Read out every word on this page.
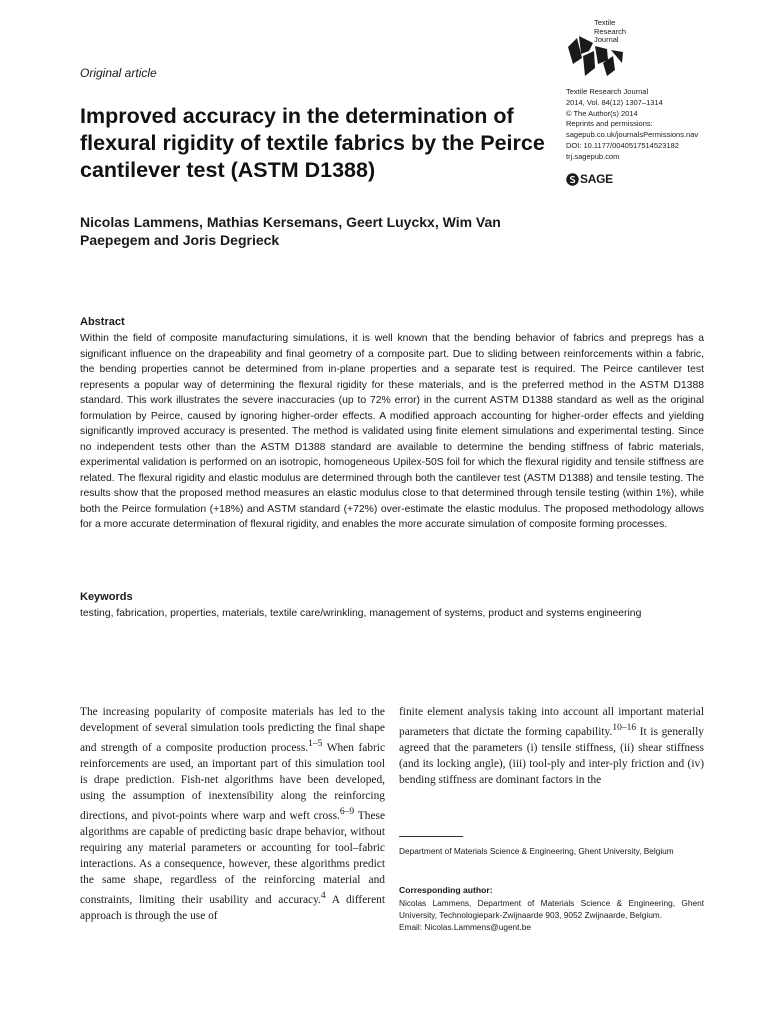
Original article
Improved accuracy in the determination of flexural rigidity of textile fabrics by the Peirce cantilever test (ASTM D1388)

Nicolas Lammens, Mathias Kersemans, Geert Luyckx, Wim Van Paepegem and Joris Degrieck

Textile
Research
Journal
Textile Research Journal
2014, Vol. 84(12) 1307–1314
© The Author(s) 2014
Reprints and permissions:
sagepub.co.uk/journalsPermissions.nav
DOI: 10.1177/0040517514523182
trj.sagepub.com
SAGE
Abstract

Within the field of composite manufacturing simulations, it is well known that the bending behavior of fabrics and prepregs has a significant influence on the drapeability and final geometry of a composite part. Due to sliding between reinforcements within a fabric, the bending properties cannot be determined from in-plane properties and a separate test is required. The Peirce cantilever test represents a popular way of determining the flexural rigidity for these materials, and is the preferred method in the ASTM D1388 standard. This work illustrates the severe inaccuracies (up to 72% error) in the current ASTM D1388 standard as well as the original formulation by Peirce, caused by ignoring higher-order effects. A modified approach accounting for higher-order effects and yielding significantly improved accuracy is presented. The method is validated using finite element simulations and experimental testing. Since no independent tests other than the ASTM D1388 standard are available to determine the bending stiffness of fabric materials, experimental validation is performed on an isotropic, homogeneous Upilex-50S foil for which the flexural rigidity and tensile stiffness are related. The flexural rigidity and elastic modulus are determined through both the cantilever test (ASTM D1388) and tensile testing. The results show that the proposed method measures an elastic modulus close to that determined through tensile testing (within 1%), while both the Peirce formulation (+18%) and ASTM standard (+72%) over-estimate the elastic modulus. The proposed methodology allows for a more accurate determination of flexural rigidity, and enables the more accurate simulation of composite forming processes.

Keywords

testing, fabrication, properties, materials, textile care/wrinkling, management of systems, product and systems engineering

The increasing popularity of composite materials has led to the development of several simulation tools predicting the final shape and strength of a composite production process.$^{1-5}$ When fabric reinforcements are used, an important part of this simulation tool is drape prediction. Fish-net algorithms have been developed, using the assumption of inextensibility along the reinforcing directions, and pivot-points where warp and weft cross.$^{6-9}$ These algorithms are capable of predicting basic drape behavior, without requiring any material parameters or accounting for tool–fabric interactions. As a consequence, however, these algorithms predict the same shape, regardless of the reinforcing material and constraints, limiting their usability and accuracy.$^4$ A different approach is through the use of

finite element analysis taking into account all important material parameters that dictate the forming capability.$^{10-16}$ It is generally agreed that the parameters (i) tensile stiffness, (ii) shear stiffness (and its locking angle), (iii) tool-ply and inter-ply friction and (iv) bending stiffness are dominant factors in the

Department of Materials Science & Engineering, Ghent University, Belgium

Corresponding author:

Nicolas Lammens, Department of Materials Science & Engineering, Ghent University, Technologiepark-Zwijnaarde 903, 9052 Zwijnaarde, Belgium.
Email: Nicolas.Lammens@ugent.be
